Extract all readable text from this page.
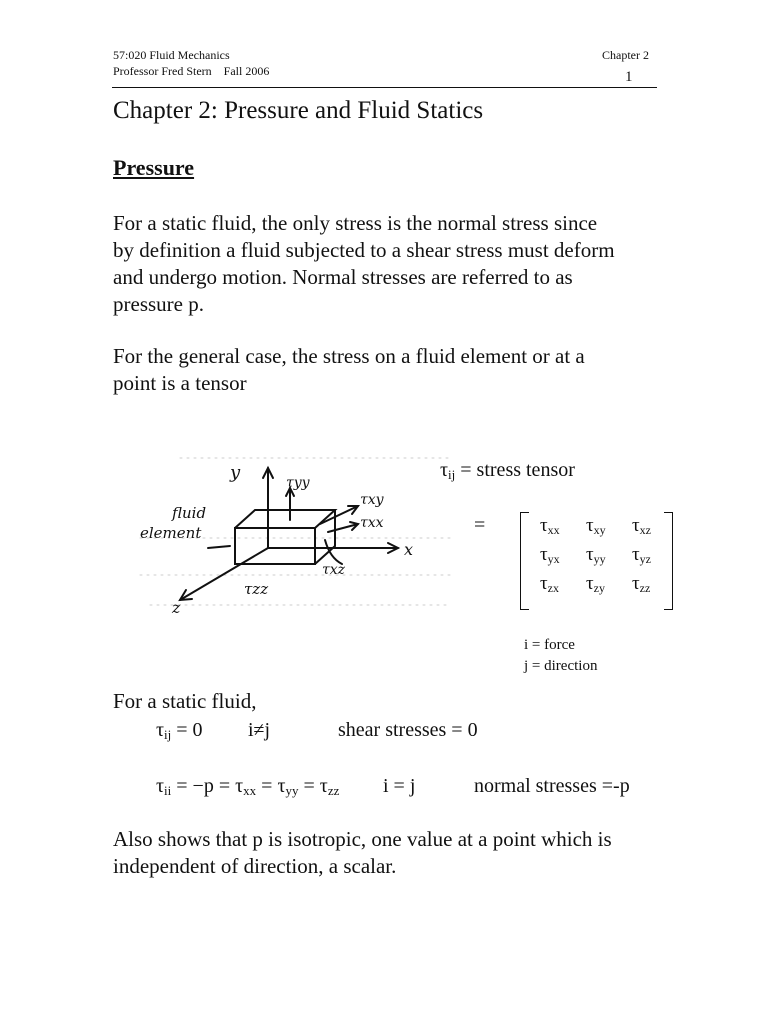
57:020 Fluid Mechanics
Professor Fred Stern    Fall 2006
Chapter 2
1
Chapter 2: Pressure and Fluid Statics
Pressure
For a static fluid, the only stress is the normal stress since
by definition a fluid subjected to a shear stress must deform
and undergo motion. Normal stresses are referred to as
pressure p.
For the general case, the stress on a fluid element or at a
point is a tensor
y	τyy
τxy
τxx
fluid
element
x
τxz
τzz
z
$\tau_{ij}$ = stress tensor
=	$\tau_{xx}$ $\tau_{xy}$ $\tau_{xz}$
$\tau_{yx}$ $\tau_{yy}$ $\tau_{yz}$
$\tau_{zx}$ $\tau_{zy}$ $\tau_{zz}$
i = force
j = direction
For a static fluid,
$\tau_{ij} = 0$ i≠j	shear stresses = 0
$\tau_{ii} = -p = \tau_{xx} = \tau_{yy} = \tau_{zz}$ i = j	normal stresses =-p
Also shows that p is isotropic, one value at a point which is
independent of direction, a scalar.
